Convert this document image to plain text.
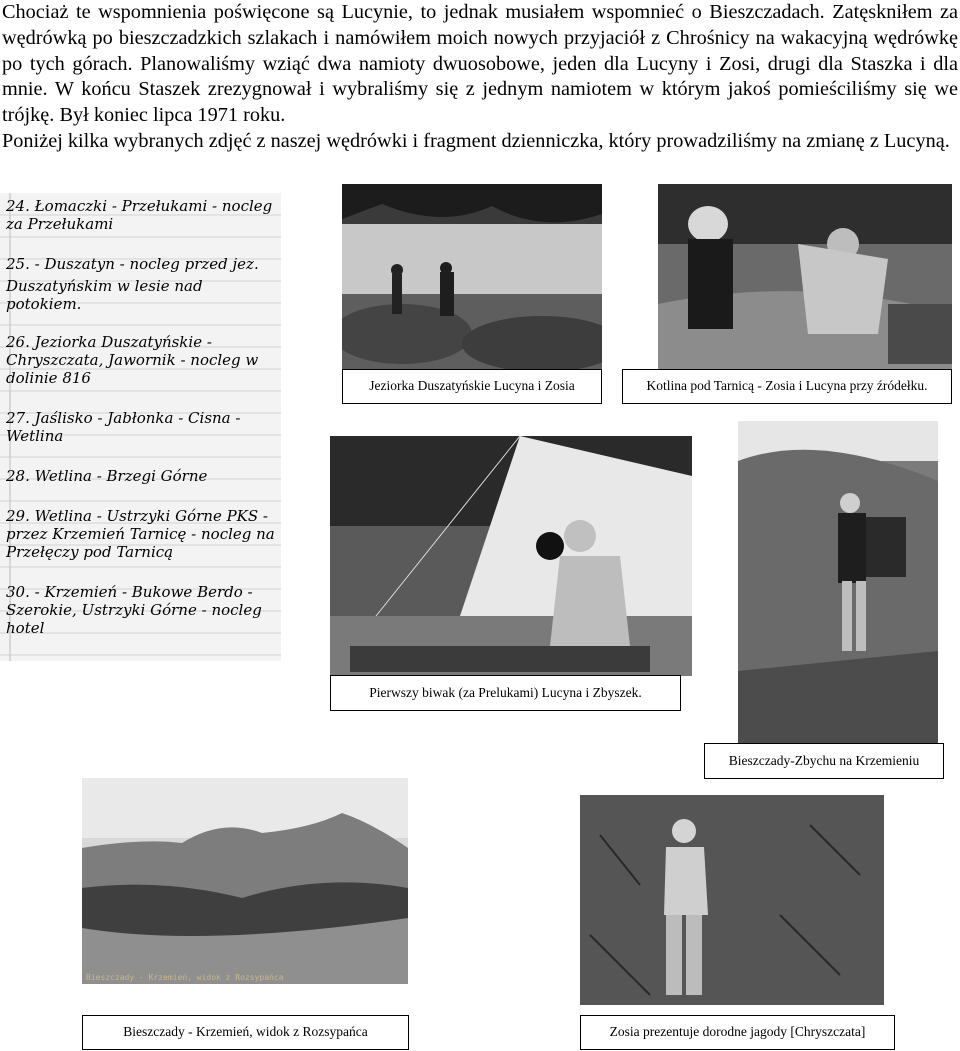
Chociaż te wspomnienia poświęcone są Lucynie, to jednak musiałem wspomnieć o Bieszczadach. Zatęskniłem za wędrówką po bieszczadzkich szlakach i namówiłem moich nowych przyjaciół z Chrośnicy na wakacyjną wędrówkę po tych górach. Planowaliśmy wziąć dwa namioty dwuosobowe, jeden dla Lucyny i Zosi, drugi dla Staszka i dla mnie. W końcu Staszek zrezygnował i wybraliśmy się z jednym namiotem w którym jakoś pomieściliśmy się we trójkę. Był koniec lipca 1971 roku.

Poniżej kilka wybranych zdjęć z naszej wędrówki i fragment dzienniczka, który prowadziliśmy na zmianę z Lucyną.

24. Łomaczki - Przełukami - nocleg za Przełukami
25. - Duszatyn - nocleg przed jez.
Duszatyńskim w lesie nad potokiem.
26. Jeziorka Duszatyńskie - Chryszczata, Jawornik - nocleg w dolinie 816
27. Jaślisko - Jabłonka - Cisna - Wetlina
28. Wetlina - Brzegi Górne
29. Wetlina - Ustrzyki Górne PKS - przez Krzemień Tarnicę - nocleg na Przełęczy pod Tarnicą
30. - Krzemień - Bukowe Berdo - Szerokie, Ustrzyki Górne - nocleg hotel
Jeziorka Duszatyńskie Lucyna i Zosia	Kotlina pod Tarnicą - Zosia i Lucyna przy źródełku.
Pierwszy biwak (za Prelukami) Lucyna i Zbyszek.
Bieszczady-Zbychu na Krzemieniu
Bieszczady - Krzemień, widok z Rozsypańca
Bieszczady - Krzemień, widok z Rozsypańca	Zosia prezentuje dorodne jagody [Chryszczata]
